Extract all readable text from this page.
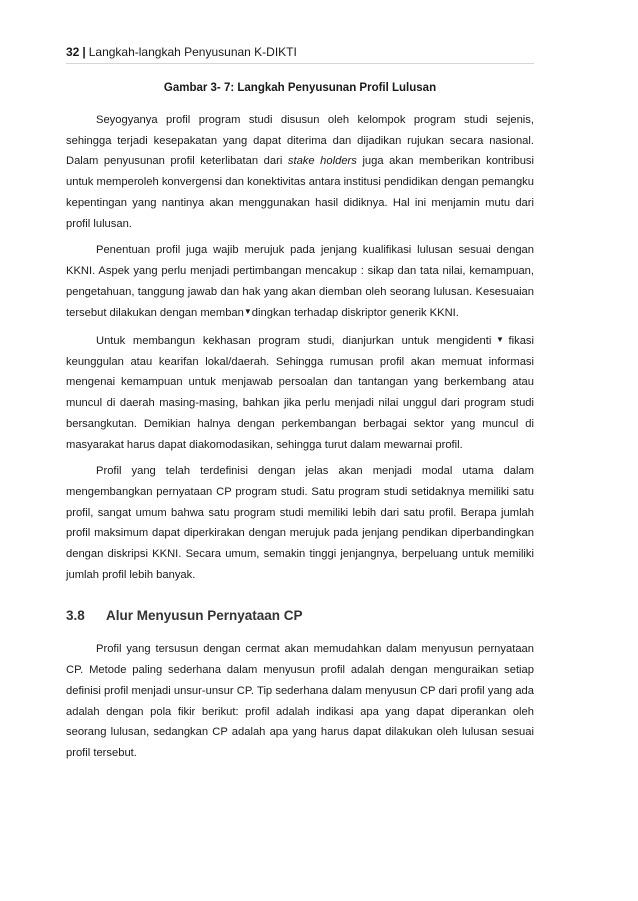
32 | Langkah-langkah Penyusunan K-DIKTI
Gambar 3- 7: Langkah Penyusunan Profil Lulusan

Seyogyanya profil program studi disusun oleh kelompok program studi sejenis, sehingga terjadi kesepakatan yang dapat diterima dan dijadikan rujukan secara nasional. Dalam penyusunan profil keterlibatan dari stake holders juga akan memberikan kontribusi untuk memperoleh konvergensi dan konektivitas antara institusi pendidikan dengan pemangku kepentingan yang nantinya akan menggunakan hasil didiknya. Hal ini menjamin mutu dari profil lulusan.

Penentuan profil juga wajib merujuk pada jenjang kualifikasi lulusan sesuai dengan KKNI. Aspek yang perlu menjadi pertimbangan mencakup : sikap dan tata nilai, kemampuan, pengetahuan, tanggung jawab dan hak yang akan diemban oleh seorang lulusan. Kesesuaian tersebut dilakukan dengan memban▼dingkan terhadap diskriptor generik KKNI.

Untuk membangun kekhasan program studi, dianjurkan untuk mengidenti▼fikasi keunggulan atau kearifan lokal/daerah. Sehingga rumusan profil akan memuat informasi mengenai kemampuan untuk menjawab persoalan dan tantangan yang berkembang atau muncul di daerah masing-masing, bahkan jika perlu menjadi nilai unggul dari program studi bersangkutan. Demikian halnya dengan perkembangan berbagai sektor yang muncul di masyarakat harus dapat diakomodasikan, sehingga turut dalam mewarnai profil.

Profil yang telah terdefinisi dengan jelas akan menjadi modal utama dalam mengembangkan pernyataan CP program studi. Satu program studi setidaknya memiliki satu profil, sangat umum bahwa satu program studi memiliki lebih dari satu profil. Berapa jumlah profil maksimum dapat diperkirakan dengan merujuk pada jenjang pendikan diperbandingkan dengan diskripsi KKNI. Secara umum, semakin tinggi jenjangnya, berpeluang untuk memiliki jumlah profil lebih banyak.

3.8 Alur Menyusun Pernyataan CP

Profil yang tersusun dengan cermat akan memudahkan dalam menyusun pernyataan CP. Metode paling sederhana dalam menyusun profil adalah dengan menguraikan setiap definisi profil menjadi unsur-unsur CP. Tip sederhana dalam menyusun CP dari profil yang ada adalah dengan pola fikir berikut: profil adalah indikasi apa yang dapat diperankan oleh seorang lulusan, sedangkan CP adalah apa yang harus dapat dilakukan oleh lulusan sesuai profil tersebut.
